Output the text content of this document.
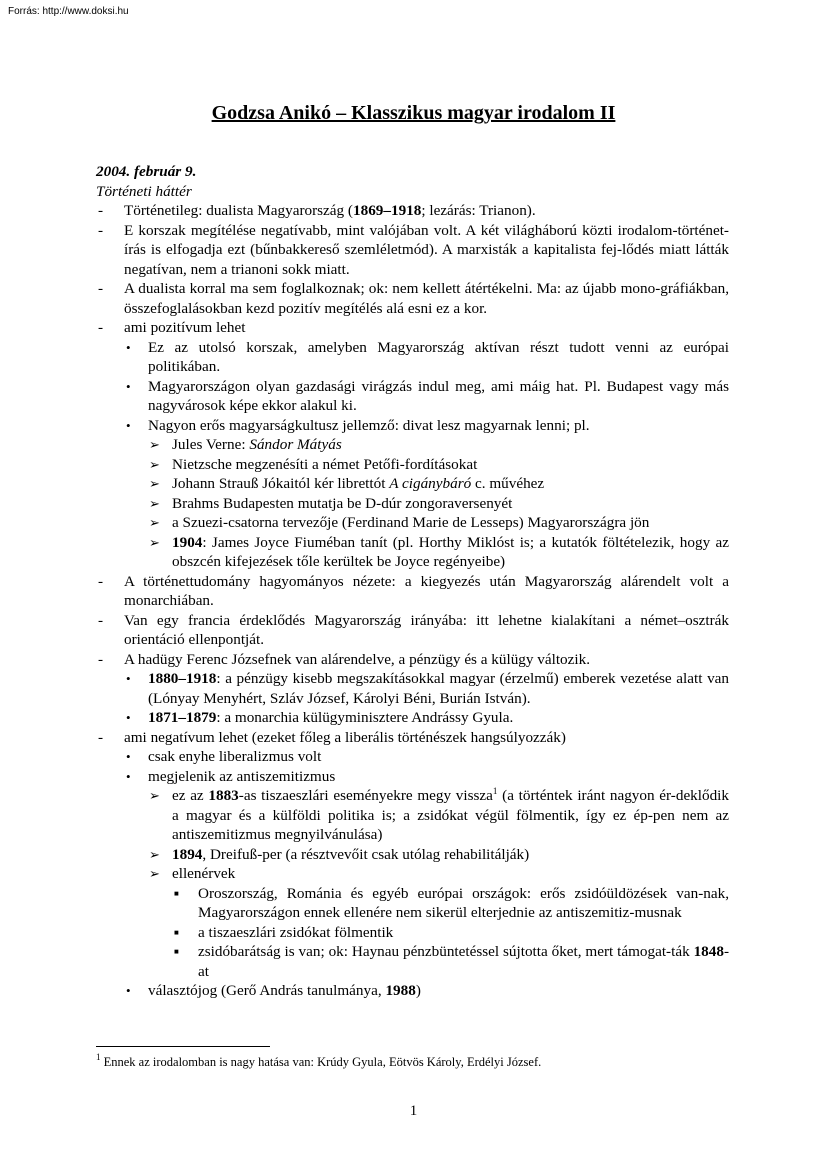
Forrás: http://www.doksi.hu
Godzsa Anikó – Klasszikus magyar irodalom II
2004. február 9.
Történeti háttér
- Történetileg: dualista Magyarország (1869–1918; lezárás: Trianon).
- E korszak megítélése negatívabb, mint valójában volt. A két világháború közti irodalom-történet-írás is elfogadja ezt (bűnbakkereső szemléletmód). A marxisták a kapitalista fej-lődés miatt látták negatívan, nem a trianoni sokk miatt.
- A dualista korral ma sem foglalkoznak; ok: nem kellett átértékelni. Ma: az újabb mono-gráfiákban, összefoglalásokban kezd pozitív megítélés alá esni ez a kor.
- ami pozitívum lehet
• Ez az utolsó korszak, amelyben Magyarország aktívan részt tudott venni az európai politikában.
• Magyarországon olyan gazdasági virágzás indul meg, ami máig hat. Pl. Budapest vagy más nagyvárosok képe ekkor alakul ki.
• Nagyon erős magyarságkultusz jellemző: divat lesz magyarnak lenni; pl.
➢ Jules Verne: Sándor Mátyás
➢ Nietzsche megzenésíti a német Petőfi-fordításokat
➢ Johann Strauß Jókaitól kér librettót A cigánybáró c. művéhez
➢ Brahms Budapesten mutatja be D-dúr zongoraversenyét
➢ a Szuezi-csatorna tervezője (Ferdinand Marie de Lesseps) Magyarországra jön
➢ 1904: James Joyce Fiuméban tanít (pl. Horthy Miklóst is; a kutatók föltételezik, hogy az obszcén kifejezések tőle kerültek be Joyce regényeibe)
- A történettudomány hagyományos nézete: a kiegyezés után Magyarország alárendelt volt a monarchiában.
- Van egy francia érdeklődés Magyarország irányába: itt lehetne kialakítani a német–osztrák orientáció ellenpontját.
- A hadügy Ferenc Józsefnek van alárendelve, a pénzügy és a külügy változik.
• 1880–1918: a pénzügy kisebb megszakításokkal magyar (érzelmű) emberek vezetése alatt van (Lónyay Menyhért, Szláv József, Károlyi Béni, Burián István).
• 1871–1879: a monarchia külügyminisztere Andrássy Gyula.
- ami negatívum lehet (ezeket főleg a liberális történészek hangsúlyozzák)
• csak enyhe liberalizmus volt
• megjelenik az antiszemitizmus
➢ ez az 1883-as tiszaeszlári eseményekre megy vissza$^1$ (a történtek iránt nagyon ér-deklődik a magyar és a külföldi politika is; a zsidókat végül fölmentik, így ez ép-pen nem az antiszemitizmus megnyilvánulása)
➢ 1894, Dreifuß-per (a résztvevőit csak utólag rehabilitálják)
➢ ellenérvek
■ Oroszország, Románia és egyéb európai országok: erős zsidóüldözések van-nak, Magyarországon ennek ellenére nem sikerül elterjednie az antiszemitiz-musnak
■ a tiszaeszlári zsidókat fölmentik
■ zsidóbarátság is van; ok: Haynau pénzbüntetéssel sújtotta őket, mert támogat-ták 1848-at
• választójog (Gerő András tanulmánya, 1988)
$^1$ Ennek az irodalomban is nagy hatása van: Krúdy Gyula, Eötvös Károly, Erdélyi József.
1
